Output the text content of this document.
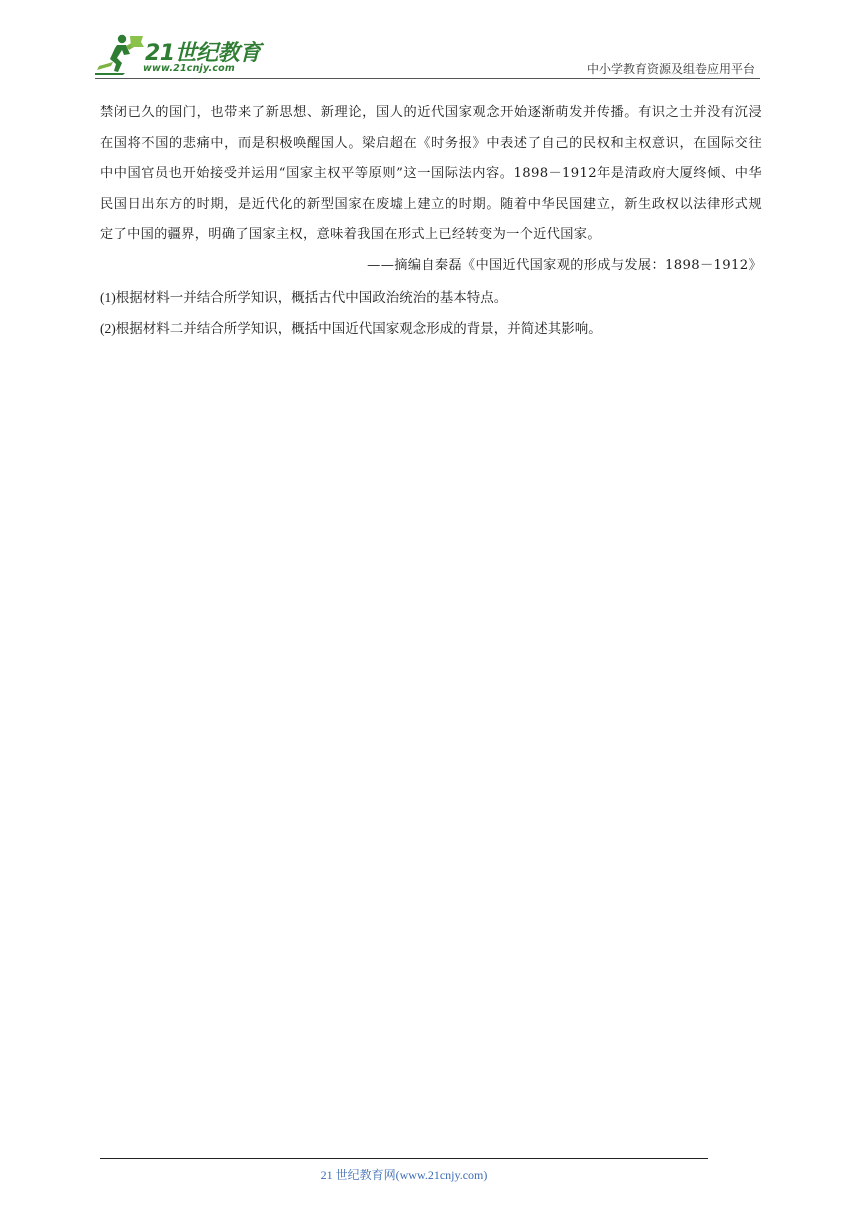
21世纪教育
www.21cnjy.com	中小学教育资源及组卷应用平台

禁闭已久的国门，也带来了新思想、新理论，国人的近代国家观念开始逐渐萌发并传播。有识之士并没有沉浸在国将不国的悲痛中，而是积极唤醒国人。梁启超在《时务报》中表述了自己的民权和主权意识，在国际交往中中国官员也开始接受并运用“国家主权平等原则”这一国际法内容。1898－1912年是清政府大厦终倾、中华民国日出东方的时期，是近代化的新型国家在废墟上建立的时期。随着中华民国建立，新生政权以法律形式规定了中国的疆界，明确了国家主权，意味着我国在形式上已经转变为一个近代国家。

——摘编自秦磊《中国近代国家观的形成与发展：1898－1912》

(1)根据材料一并结合所学知识，概括古代中国政治统治的基本特点。

(2)根据材料二并结合所学知识，概括中国近代国家观念形成的背景，并简述其影响。

21 世纪教育网(www.21cnjy.com)
